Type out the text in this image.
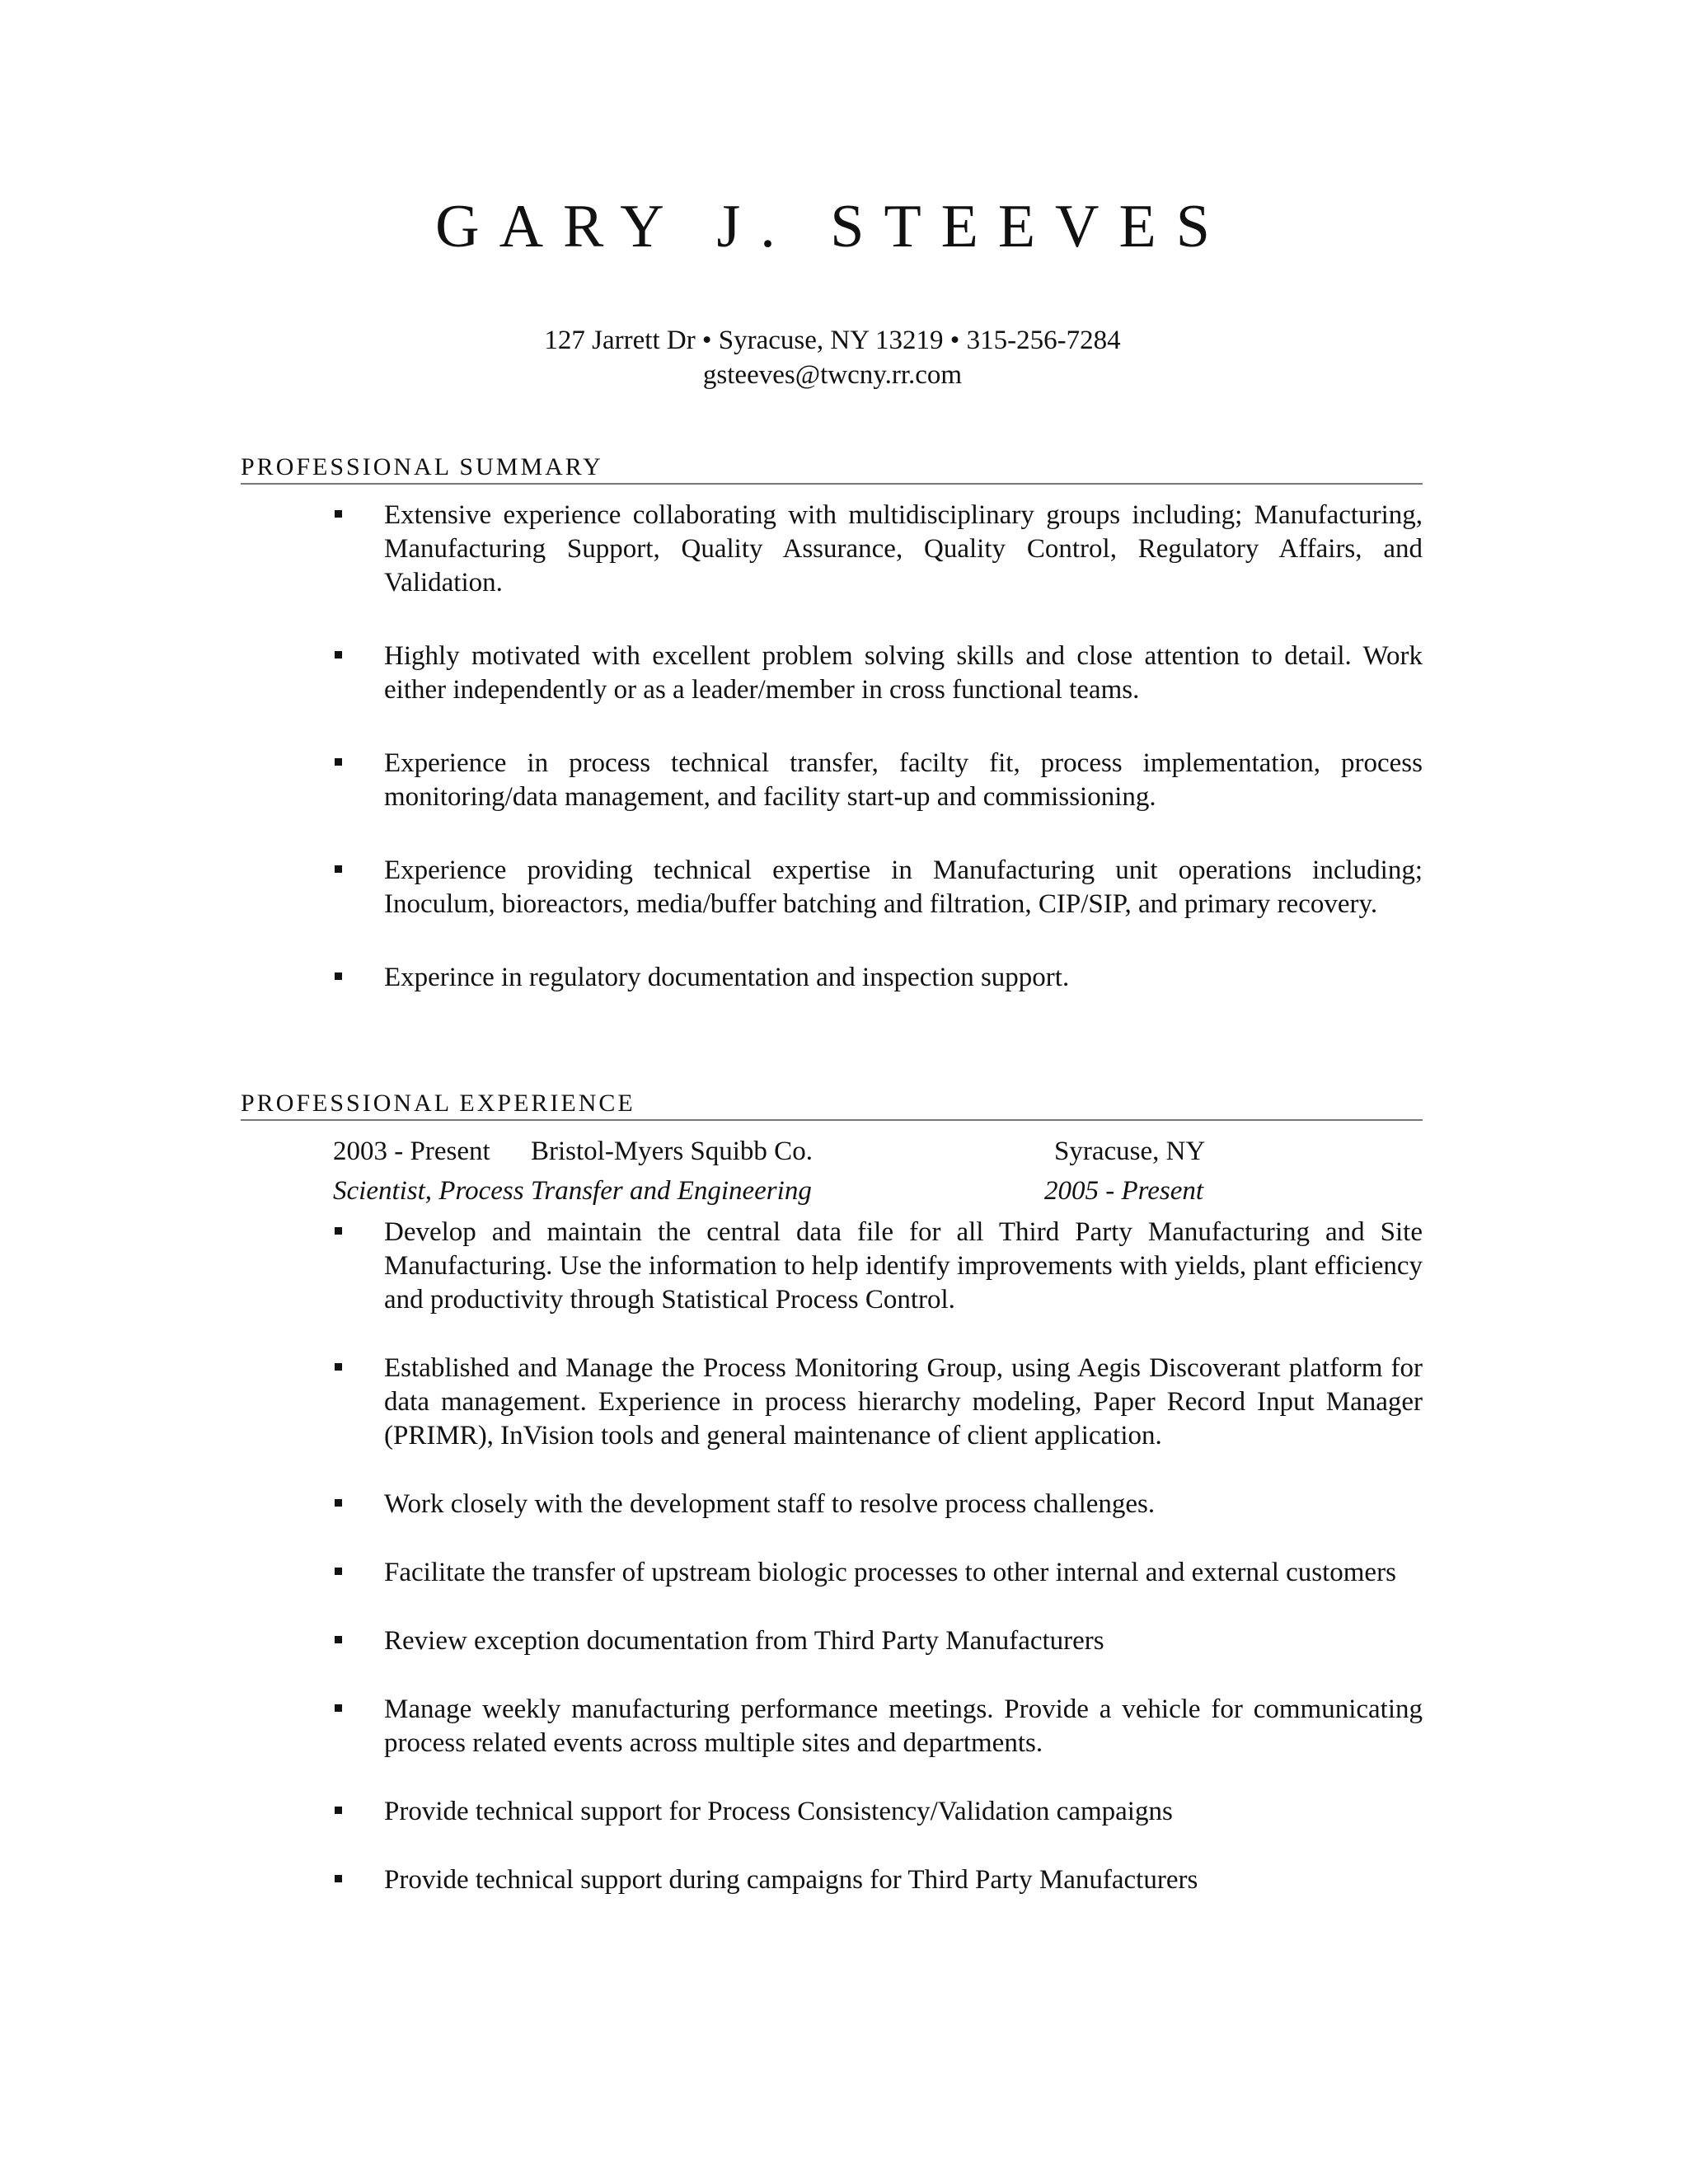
GARY J. STEEVES
127 Jarrett Dr • Syracuse, NY 13219 • 315-256-7284
gsteeves@twcny.rr.com
PROFESSIONAL SUMMARY
Extensive experience collaborating with multidisciplinary groups including; Manufacturing, Manufacturing Support, Quality Assurance, Quality Control, Regulatory Affairs, and Validation.
Highly motivated with excellent problem solving skills and close attention to detail. Work either independently or as a leader/member in cross functional teams.
Experience in process technical transfer, facilty fit, process implementation, process monitoring/data management, and facility start-up and commissioning.
Experience providing technical expertise in Manufacturing unit operations including; Inoculum, bioreactors, media/buffer batching and filtration, CIP/SIP, and primary recovery.
Experince in regulatory documentation and inspection support.
PROFESSIONAL EXPERIENCE
2003 - Present Bristol-Myers Squibb Co.	Syracuse, NY
Scientist, Process Transfer and Engineering	2005 - Present
Develop and maintain the central data file for all Third Party Manufacturing and Site Manufacturing. Use the information to help identify improvements with yields, plant efficiency and productivity through Statistical Process Control.
Established and Manage the Process Monitoring Group, using Aegis Discoverant platform for data management. Experience in process hierarchy modeling, Paper Record Input Manager (PRIMR), InVision tools and general maintenance of client application.
Work closely with the development staff to resolve process challenges.
Facilitate the transfer of upstream biologic processes to other internal and external customers
Review exception documentation from Third Party Manufacturers
Manage weekly manufacturing performance meetings. Provide a vehicle for communicating process related events across multiple sites and departments.
Provide technical support for Process Consistency/Validation campaigns
Provide technical support during campaigns for Third Party Manufacturers
